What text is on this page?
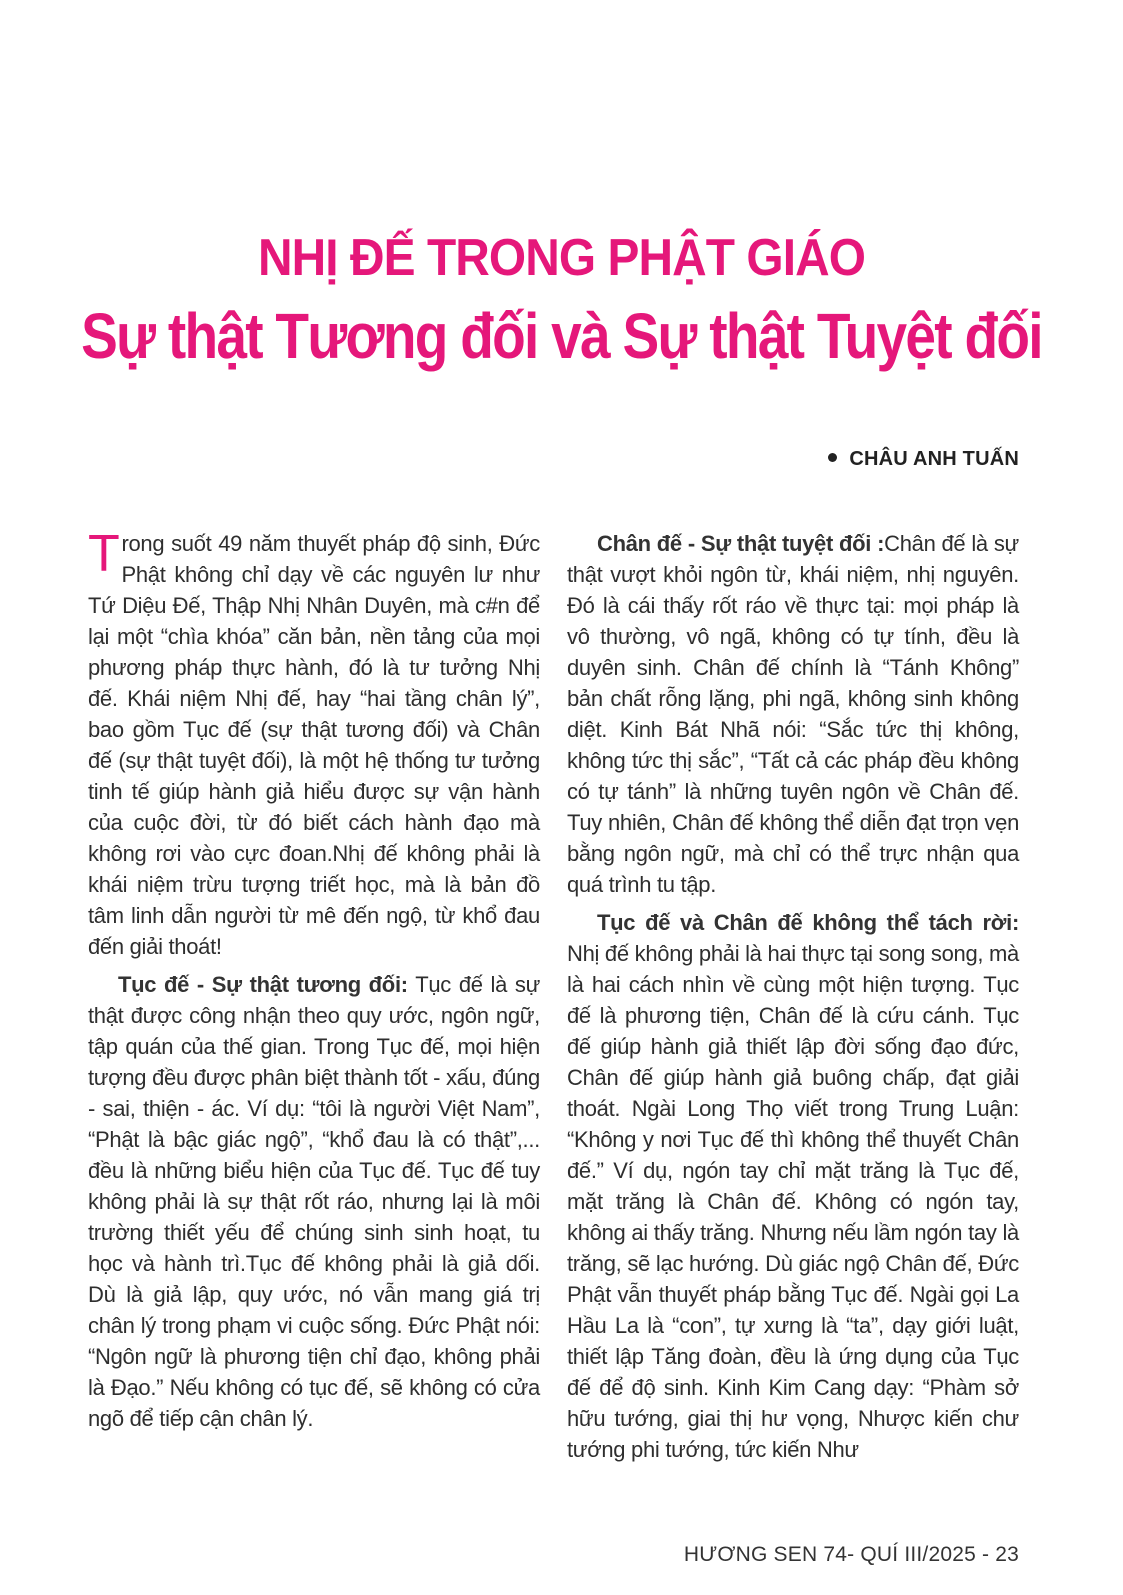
NHỊ ĐẾ TRONG PHẬT GIÁO
Sự thật Tương đối và Sự thật Tuyệt đối
CHÂU ANH TUẤN

Trong suốt 49 năm thuyết pháp độ sinh, Đức Phật không chỉ dạy về các nguyên lư như Tứ Diệu Đế, Thập Nhị Nhân Duyên, mà c#n để lại một “chìa khóa” căn bản, nền tảng của mọi phương pháp thực hành, đó là tư tưởng Nhị đế. Khái niệm Nhị đế, hay “hai tầng chân lý”, bao gồm Tục đế (sự thật tương đối) và Chân đế (sự thật tuyệt đối), là một hệ thống tư tưởng tinh tế giúp hành giả hiểu được sự vận hành của cuộc đời, từ đó biết cách hành đạo mà không rơi vào cực đoan.Nhị đế không phải là khái niệm trừu tượng triết học, mà là bản đồ tâm linh dẫn người từ mê đến ngộ, từ khổ đau đến giải thoát!

Tục đế - Sự thật tương đối: Tục đế là sự thật được công nhận theo quy ước, ngôn ngữ, tập quán của thế gian. Trong Tục đế, mọi hiện tượng đều được phân biệt thành tốt - xấu, đúng - sai, thiện - ác. Ví dụ: “tôi là người Việt Nam”, “Phật là bậc giác ngộ”, “khổ đau là có thật”,... đều là những biểu hiện của Tục đế. Tục đế tuy không phải là sự thật rốt ráo, nhưng lại là môi trường thiết yếu để chúng sinh sinh hoạt, tu học và hành trì.Tục đế không phải là giả dối. Dù là giả lập, quy ước, nó vẫn mang giá trị chân lý trong phạm vi cuộc sống. Đức Phật nói: “Ngôn ngữ là phương tiện chỉ đạo, không phải là Đạo.” Nếu không có tục đế, sẽ không có cửa ngõ để tiếp cận chân lý.

Chân đế - Sự thật tuyệt đối :Chân đế là sự thật vượt khỏi ngôn từ, khái niệm, nhị nguyên. Đó là cái thấy rốt ráo về thực tại: mọi pháp là vô thường, vô ngã, không có tự tính, đều là duyên sinh. Chân đế chính là “Tánh Không” bản chất rỗng lặng, phi ngã, không sinh không diệt. Kinh Bát Nhã nói: “Sắc tức thị không, không tức thị sắc”, “Tất cả các pháp đều không có tự tánh” là những tuyên ngôn về Chân đế. Tuy nhiên, Chân đế không thể diễn đạt trọn vẹn bằng ngôn ngữ, mà chỉ có thể trực nhận qua quá trình tu tập.

Tục đế và Chân đế không thể tách rời: Nhị đế không phải là hai thực tại song song, mà là hai cách nhìn về cùng một hiện tượng. Tục đế là phương tiện, Chân đế là cứu cánh. Tục đế giúp hành giả thiết lập đời sống đạo đức, Chân đế giúp hành giả buông chấp, đạt giải thoát. Ngài Long Thọ viết trong Trung Luận: “Không y nơi Tục đế thì không thể thuyết Chân đế.” Ví dụ, ngón tay chỉ mặt trăng là Tục đế, mặt trăng là Chân đế. Không có ngón tay, không ai thấy trăng. Nhưng nếu lầm ngón tay là trăng, sẽ lạc hướng. Dù giác ngộ Chân đế, Đức Phật vẫn thuyết pháp bằng Tục đế. Ngài gọi La Hầu La là “con”, tự xưng là “ta”, dạy giới luật, thiết lập Tăng đoàn, đều là ứng dụng của Tục đế để độ sinh. Kinh Kim Cang dạy: “Phàm sở hữu tướng, giai thị hư vọng, Nhược kiến chư tướng phi tướng, tức kiến Như

HƯƠNG SEN 74- QUÍ III/2025 - 23
